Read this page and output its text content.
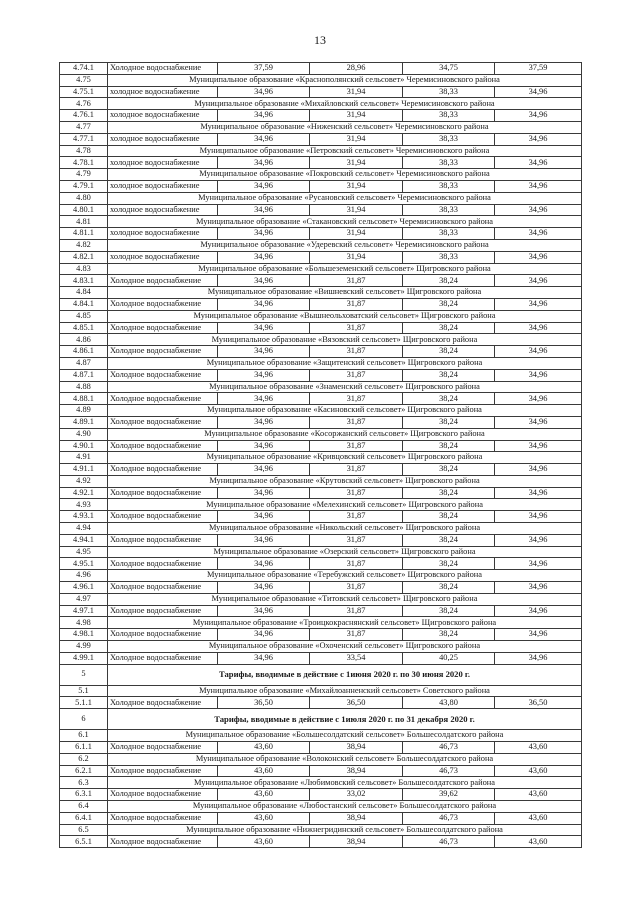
13
4.74.1	Холодное водоснабжение	37,59	28,96	34,75	37,59
4.75	Муниципальное образование «Краснополянский сельсовет» Черемисиновского района				
4.75.1	холодное водоснабжение	34,96	31,94	38,33	34,96
4.76	Муниципальное образование «Михайловский сельсовет» Черемисиновского района				
4.76.1	холодное водоснабжение	34,96	31,94	38,33	34,96
4.77	Муниципальное образование «Ниженский сельсовет» Черемисиновского района				
4.77.1	холодное водоснабжение	34,96	31,94	38,33	34,96
4.78	Муниципальное образование «Петровский сельсовет» Черемисиновского района				
4.78.1	холодное водоснабжение	34,96	31,94	38,33	34,96
4.79	Муниципальное образование «Покровский сельсовет» Черемисиновского района				
4.79.1	холодное водоснабжение	34,96	31,94	38,33	34,96
4.80	Муниципальное образование «Русановский сельсовет» Черемисиновского района				
4.80.1	холодное водоснабжение	34,96	31,94	38,33	34,96
4.81	Муниципальное образование «Стакановский сельсовет» Черемисиновского района				
4.81.1	холодное водоснабжение	34,96	31,94	38,33	34,96
4.82	Муниципальное образование «Удеревский сельсовет» Черемисиновского района				
4.82.1	холодное водоснабжение	34,96	31,94	38,33	34,96
4.83	Муниципальное образование «Большеземенский сельсовет» Щигровского района				
4.83.1	Холодное водоснабжение	34,96	31,87	38,24	34,96
4.84	Муниципальное образование «Вишневский сельсовет» Щигровского района				
4.84.1	Холодное водоснабжение	34,96	31,87	38,24	34,96
4.85	Муниципальное образование «Вышнеольховатский сельсовет» Щигровского района				
4.85.1	Холодное водоснабжение	34,96	31,87	38,24	34,96
4.86	Муниципальное образование «Вязовский сельсовет» Щигровского района				
4.86.1	Холодное водоснабжение	34,96	31,87	38,24	34,96
4.87	Муниципальное образование «Защитенский сельсовет» Щигровского района				
4.87.1	Холодное водоснабжение	34,96	31,87	38,24	34,96
4.88	Муниципальное образование «Знаменский сельсовет» Щигровского района				
4.88.1	Холодное водоснабжение	34,96	31,87	38,24	34,96
4.89	Муниципальное образование «Касиновский сельсовет» Щигровского района				
4.89.1	Холодное водоснабжение	34,96	31,87	38,24	34,96
4.90	Муниципальное образование «Косоржанский сельсовет» Щигровского района				
4.90.1	Холодное водоснабжение	34,96	31,87	38,24	34,96
4.91	Муниципальное образование «Кривцовский сельсовет» Щигровского района				
4.91.1	Холодное водоснабжение	34,96	31,87	38,24	34,96
4.92	Муниципальное образование «Крутовский сельсовет» Щигровского района				
4.92.1	Холодное водоснабжение	34,96	31,87	38,24	34,96
4.93	Муниципальное образование «Мелехинский сельсовет» Щигровского района				
4.93.1	Холодное водоснабжение	34,96	31,87	38,24	34,96
4.94	Муниципальное образование «Никольский сельсовет» Щигровского района				
4.94.1	Холодное водоснабжение	34,96	31,87	38,24	34,96
4.95	Муниципальное образование «Озерский сельсовет» Щигровского района				
4.95.1	Холодное водоснабжение	34,96	31,87	38,24	34,96
4.96	Муниципальное образование «Теребужский сельсовет» Щигровского района				
4.96.1	Холодное водоснабжение	34,96	31,87	38,24	34,96
4.97	Муниципальное образование «Титовский сельсовет» Щигровского района				
4.97.1	Холодное водоснабжение	34,96	31,87	38,24	34,96
4.98	Муниципальное образование «Троицкокраснянский сельсовет» Щигровского района				
4.98.1	Холодное водоснабжение	34,96	31,87	38,24	34,96
4.99	Муниципальное образование «Охоченский сельсовет» Щигровского района				
4.99.1	Холодное водоснабжение	34,96	33,54	40,25	34,96
5	Тарифы, вводимые в действие с 1июня 2020 г. по 30 июня 2020 г.				
5.1	Муниципальное образование «Михайлоанненский сельсовет» Советского района				
5.1.1	Холодное водоснабжение	36,50	36,50	43,80	36,50
6	Тарифы, вводимые в действие с 1июля 2020 г. по 31 декабря 2020 г.				
6.1	Муниципальное образование «Большесолдатский сельсовет» Большесолдатского района				
6.1.1	Холодное водоснабжение	43,60	38,94	46,73	43,60
6.2	Муниципальное образование «Волоконский сельсовет» Большесолдатского района				
6.2.1	Холодное водоснабжение	43,60	38,94	46,73	43,60
6.3	Муниципальное образование «Любимовский сельсовет» Большесолдатского района				
6.3.1	Холодное водоснабжение	43,60	33,02	39,62	43,60
6.4	Муниципальное образование «Любостанский сельсовет» Большесолдатского района				
6.4.1	Холодное водоснабжение	43,60	38,94	46,73	43,60
6.5	Муниципальное образование «Нижнегридинский сельсовет» Большесолдатского района				
6.5.1	Холодное водоснабжение	43,60	38,94	46,73	43,60
